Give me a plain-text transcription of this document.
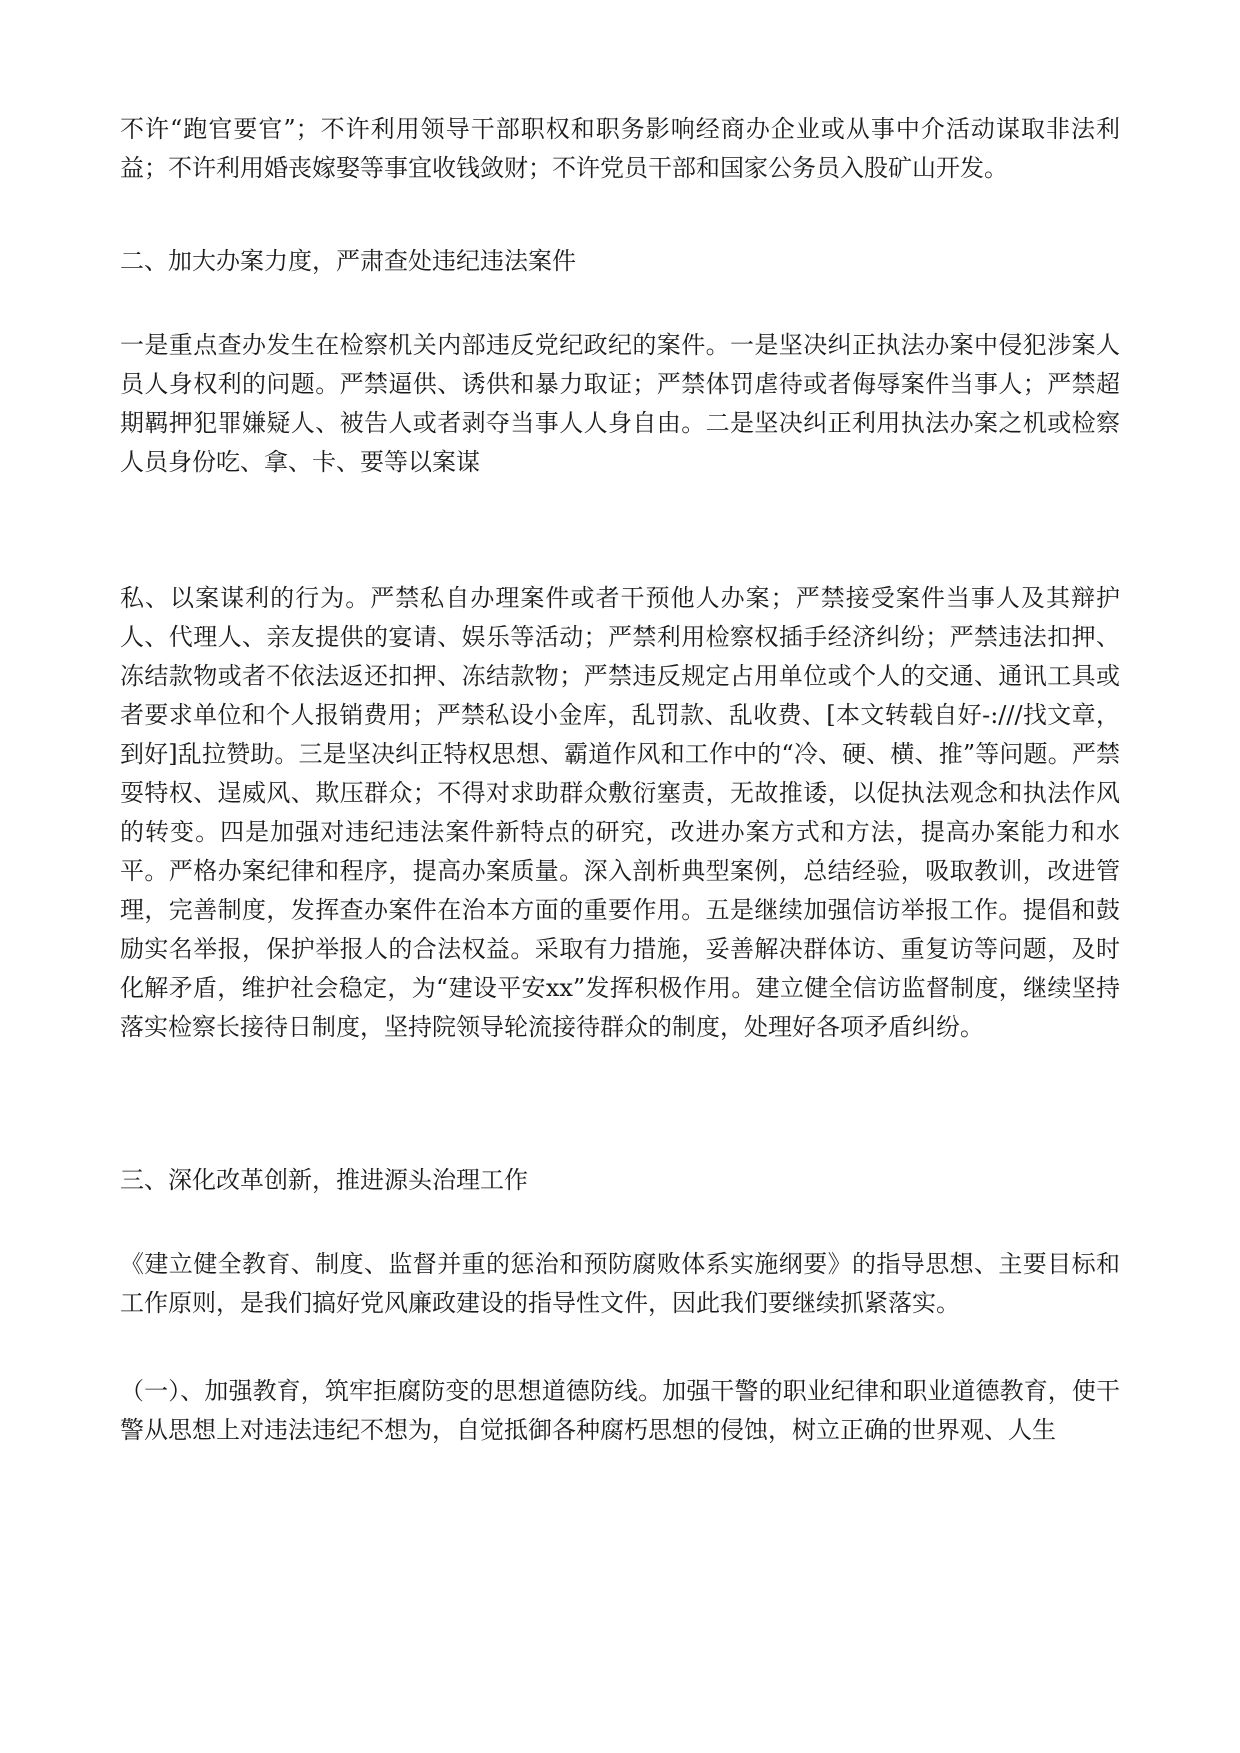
不许“跑官要官”；不许利用领导干部职权和职务影响经商办企业或从事中介活动谋取非法利益；不许利用婚丧嫁娶等事宜收钱敛财；不许党员干部和国家公务员入股矿山开发。

二、加大办案力度，严肃查处违纪违法案件

一是重点查办发生在检察机关内部违反党纪政纪的案件。一是坚决纠正执法办案中侵犯涉案人员人身权利的问题。严禁逼供、诱供和暴力取证；严禁体罚虐待或者侮辱案件当事人；严禁超期羁押犯罪嫌疑人、被告人或者剥夺当事人人身自由。二是坚决纠正利用执法办案之机或检察人员身份吃、拿、卡、要等以案谋

私、以案谋利的行为。严禁私自办理案件或者干预他人办案；严禁接受案件当事人及其辩护人、代理人、亲友提供的宴请、娱乐等活动；严禁利用检察权插手经济纠纷；严禁违法扣押、冻结款物或者不依法返还扣押、冻结款物；严禁违反规定占用单位或个人的交通、通讯工具或者要求单位和个人报销费用；严禁私设小金库，乱罚款、乱收费、[本文转载自好-:///找文章，到好]乱拉赞助。三是坚决纠正特权思想、霸道作风和工作中的“冷、硬、横、推”等问题。严禁耍特权、逞威风、欺压群众；不得对求助群众敷衍塞责，无故推诿，以促执法观念和执法作风的转变。四是加强对违纪违法案件新特点的研究，改进办案方式和方法，提高办案能力和水平。严格办案纪律和程序，提高办案质量。深入剖析典型案例，总结经验，吸取教训，改进管理，完善制度，发挥查办案件在治本方面的重要作用。五是继续加强信访举报工作。提倡和鼓励实名举报，保护举报人的合法权益。采取有力措施，妥善解决群体访、重复访等问题，及时化解矛盾，维护社会稳定，为“建设平安xx”发挥积极作用。建立健全信访监督制度，继续坚持落实检察长接待日制度，坚持院领导轮流接待群众的制度，处理好各项矛盾纠纷。

三、深化改革创新，推进源头治理工作

《建立健全教育、制度、监督并重的惩治和预防腐败体系实施纲要》的指导思想、主要目标和工作原则，是我们搞好党风廉政建设的指导性文件，因此我们要继续抓紧落实。

（一）、加强教育，筑牢拒腐防变的思想道德防线。加强干警的职业纪律和职业道德教育，使干警从思想上对违法违纪不想为，自觉抵御各种腐朽思想的侵蚀，树立正确的世界观、人生
